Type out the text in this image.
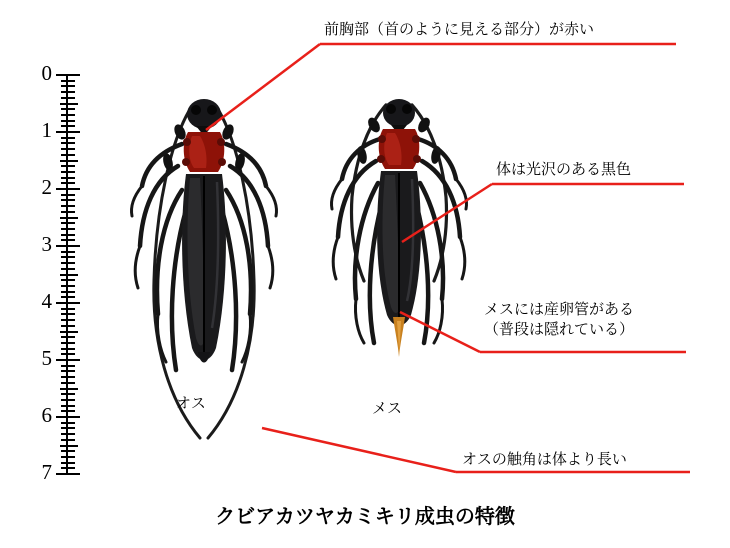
0
1
2
3
4
5
6
7
オス	メス
前胸部（首のように見える部分）が赤い
体は光沢のある黒色
メスには産卵管がある
（普段は隠れている）
オスの触角は体より長い
クビアカツヤカミキリ成虫の特徴
